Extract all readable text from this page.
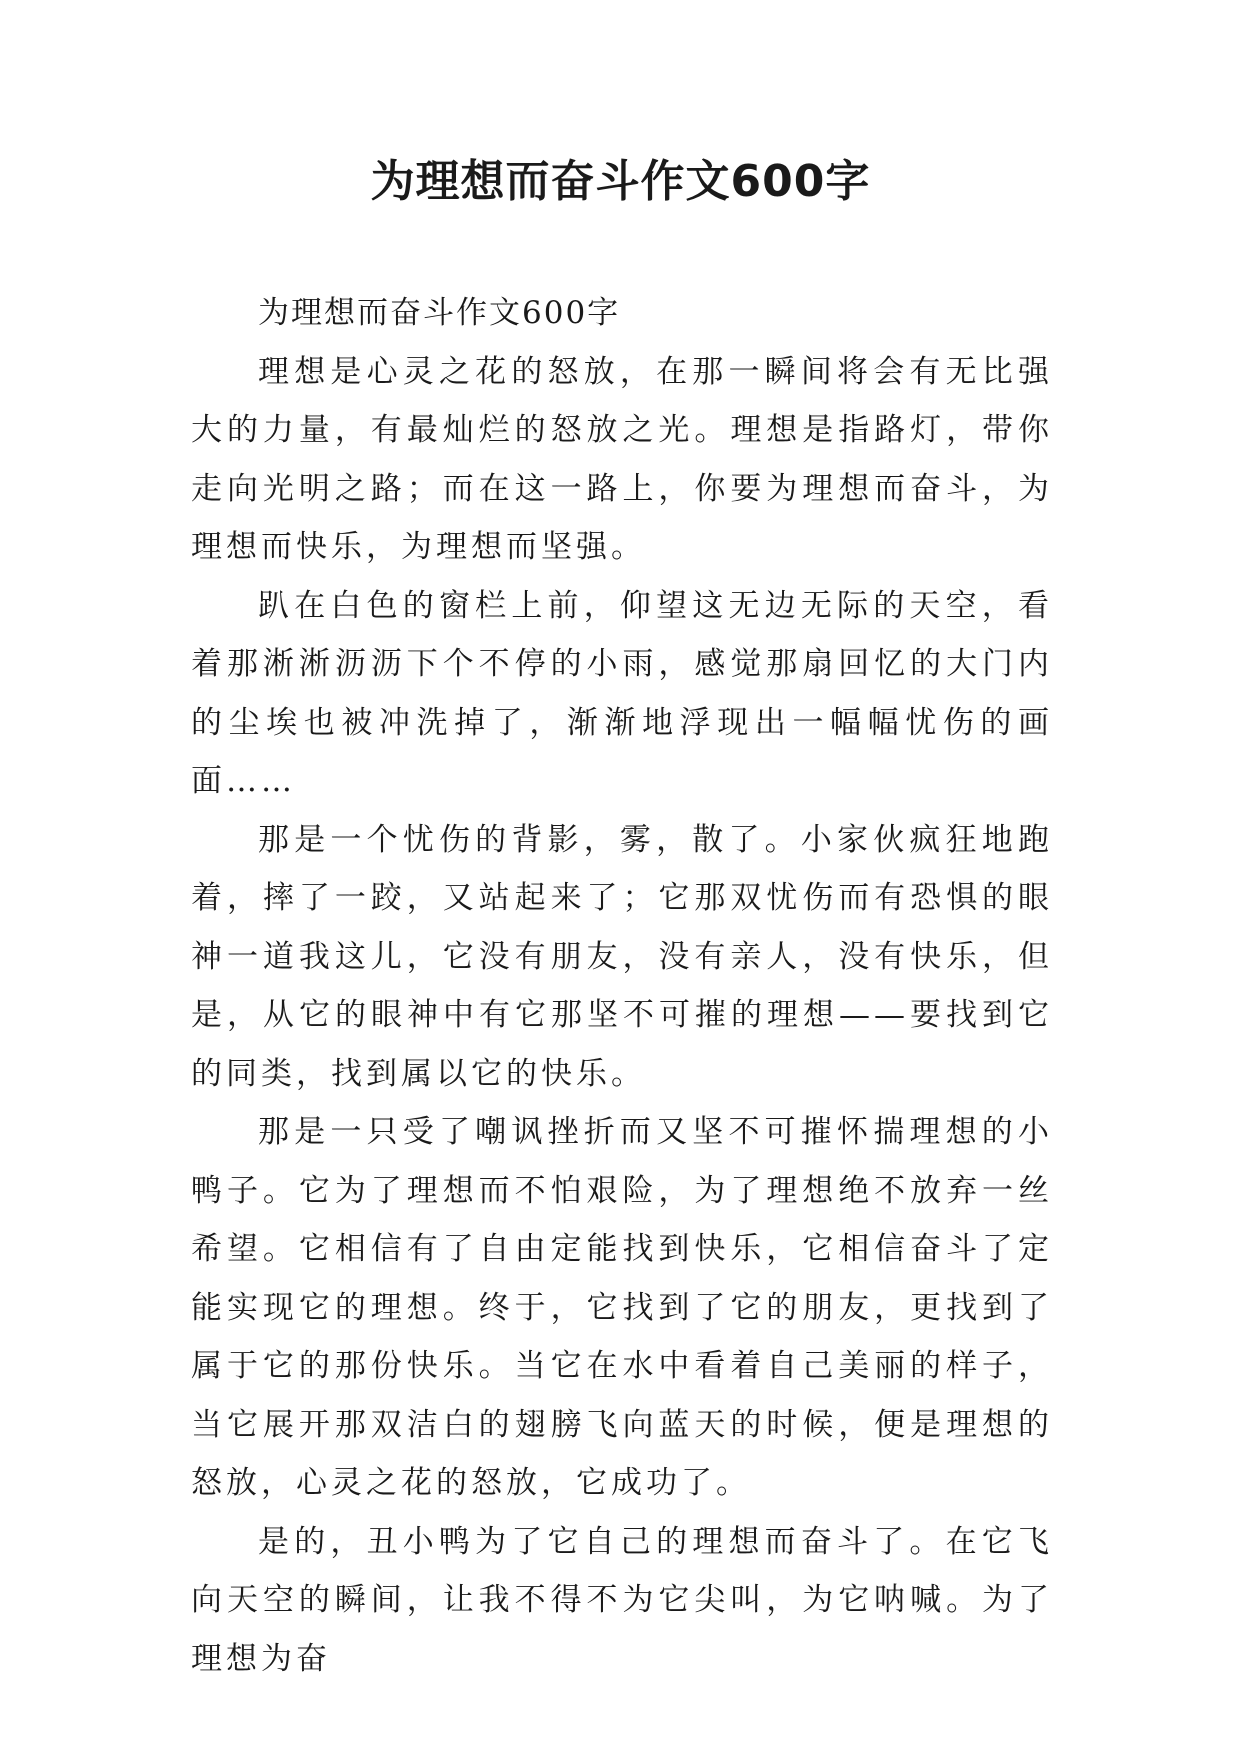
为理想而奋斗作文600字

为理想而奋斗作文600字

理想是心灵之花的怒放，在那一瞬间将会有无比强大的力量，有最灿烂的怒放之光。理想是指路灯，带你走向光明之路；而在这一路上，你要为理想而奋斗，为理想而快乐，为理想而坚强。

趴在白色的窗栏上前，仰望这无边无际的天空，看着那淅淅沥沥下个不停的小雨，感觉那扇回忆的大门内的尘埃也被冲洗掉了，渐渐地浮现出一幅幅忧伤的画面……

那是一个忧伤的背影，雾，散了。小家伙疯狂地跑着，摔了一跤，又站起来了；它那双忧伤而有恐惧的眼神一道我这儿，它没有朋友，没有亲人，没有快乐，但是，从它的眼神中有它那坚不可摧的理想——要找到它的同类，找到属以它的快乐。

那是一只受了嘲讽挫折而又坚不可摧怀揣理想的小鸭子。它为了理想而不怕艰险，为了理想绝不放弃一丝希望。它相信有了自由定能找到快乐，它相信奋斗了定能实现它的理想。终于，它找到了它的朋友，更找到了属于它的那份快乐。当它在水中看着自己美丽的样子，当它展开那双洁白的翅膀飞向蓝天的时候，便是理想的怒放，心灵之花的怒放，它成功了。

是的，丑小鸭为了它自己的理想而奋斗了。在它飞向天空的瞬间，让我不得不为它尖叫，为它呐喊。为了理想为奋
